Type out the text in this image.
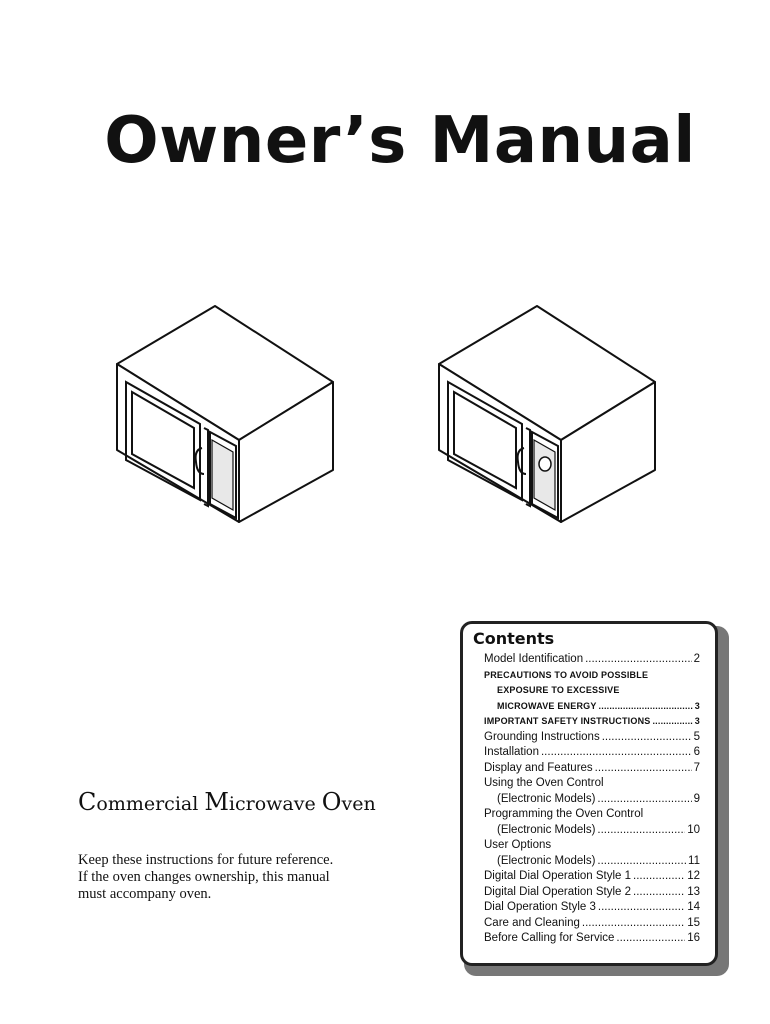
Owner’s Manual
Commercial Microwave Oven
Keep these instructions for future reference.
If the oven changes ownership, this manual
must accompany oven.
Contents
Model Identification .....	2
PRECAUTIONS TO AVOID POSSIBLE
EXPOSURE TO EXCESSIVE
MICROWAVE ENERGY .....	3
IMPORTANT SAFETY INSTRUCTIONS .....	3
Grounding Instructions .....	5
Installation .....	6
Display and Features .....	7
Using the Oven Control
(Electronic Models) .....	9
Programming the Oven Control
(Electronic Models) .....	10
User Options
(Electronic Models) .....	11
Digital Dial Operation Style 1 .....	12
Digital Dial Operation Style 2 .....	13
Dial Operation Style 3 .....	14
Care and Cleaning .....	15
Before Calling for Service .....	16
